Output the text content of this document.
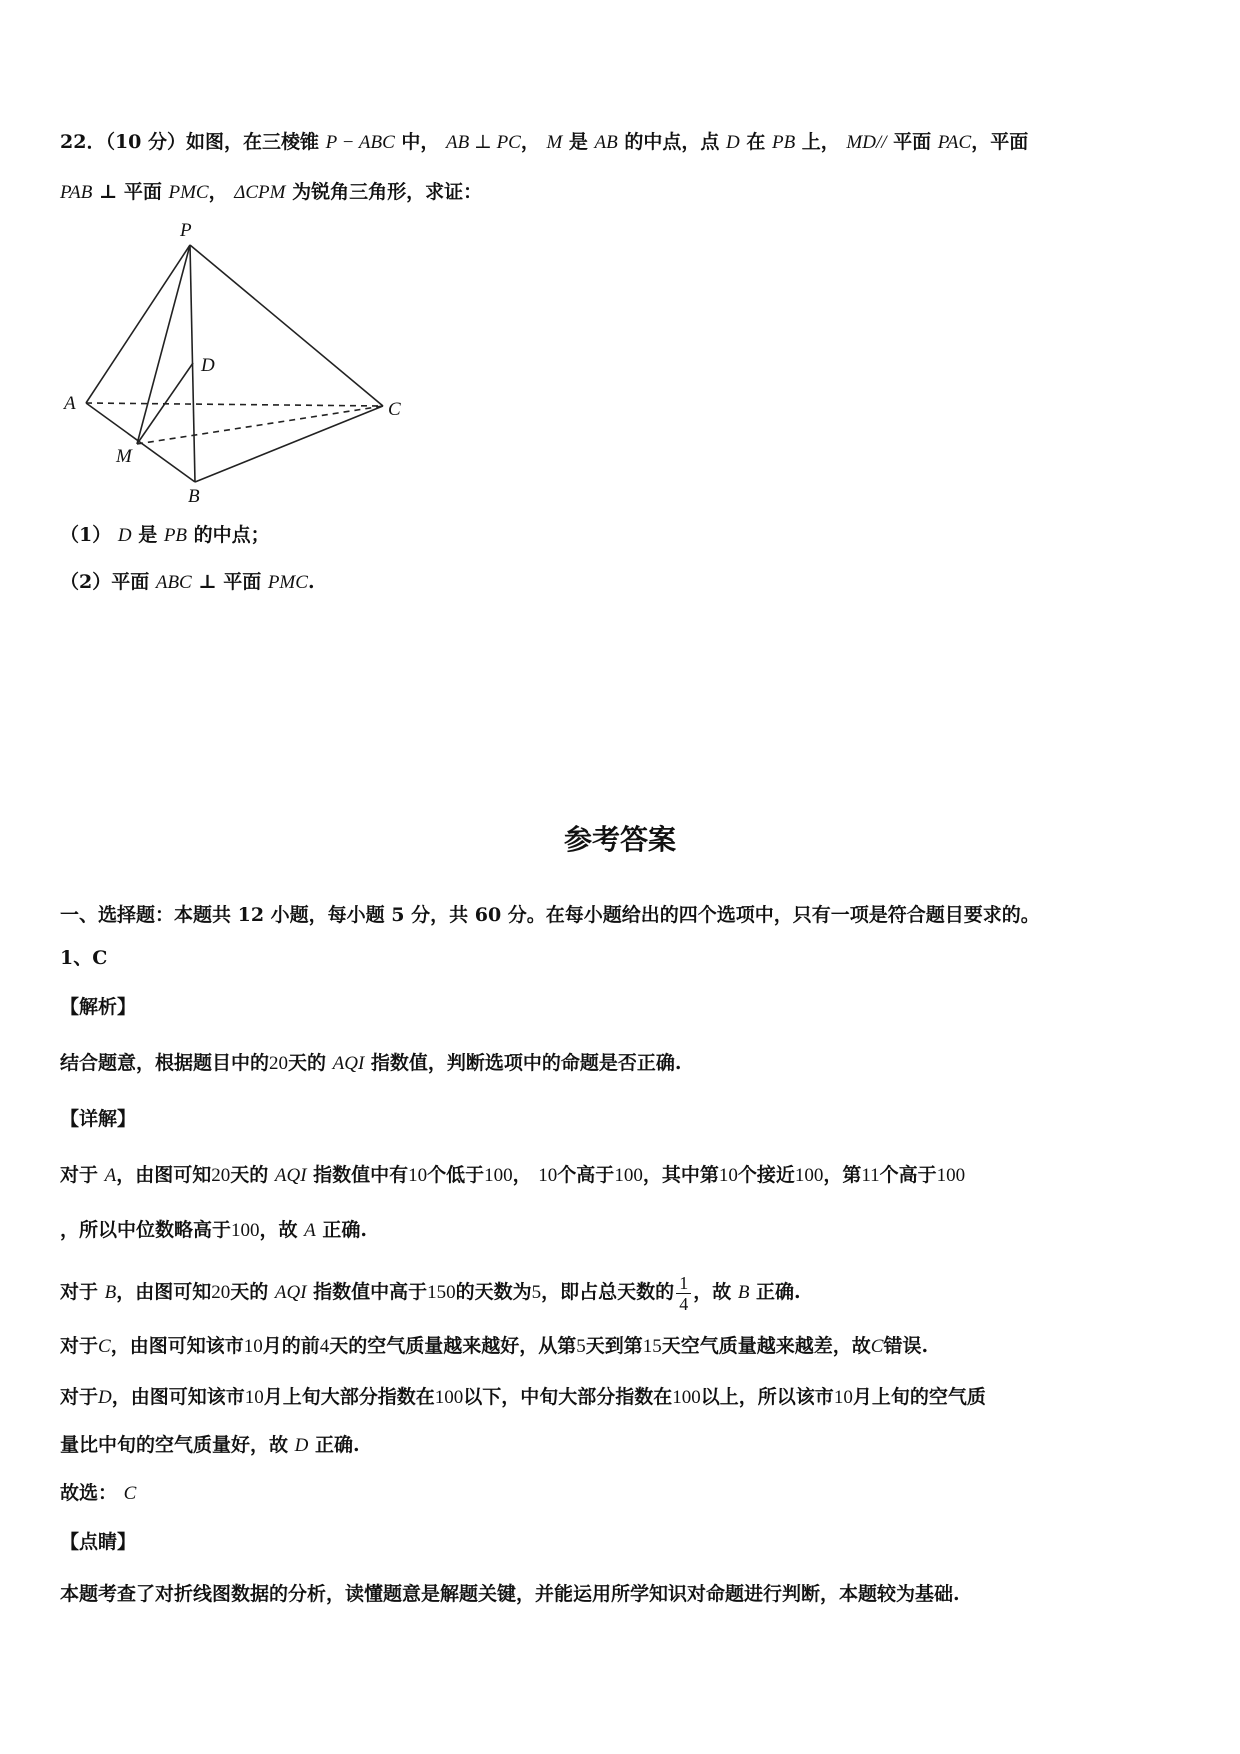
22．（10 分）如图，在三棱锥 P − ABC 中， AB ⊥ PC， M 是 AB 的中点，点 D 在 PB 上， MD// 平面 PAC，平面
PAB ⊥ 平面 PMC， ΔCPM 为锐角三角形，求证：
P
A
B
C
D
M
（1） D 是 PB 的中点；
（2）平面 ABC ⊥ 平面 PMC.
参考答案
一、选择题：本题共 12 小题，每小题 5 分，共 60 分。在每小题给出的四个选项中，只有一项是符合题目要求的。
1、C
【解析】
结合题意，根据题目中的20天的 AQI 指数值，判断选项中的命题是否正确.
【详解】
对于 A，由图可知20天的 AQI 指数值中有10个低于100， 10个高于100，其中第10个接近100，第11个高于100
，所以中位数略高于100，故 A 正确.
对于 B，由图可知20天的 AQI 指数值中高于150的天数为5，即占总天数的 $\frac{1}{4}$ ，故 B 正确.
对于C，由图可知该市10月的前4天的空气质量越来越好，从第5天到第15天空气质量越来越差，故C错误.
对于D，由图可知该市10月上旬大部分指数在100以下，中旬大部分指数在100以上，所以该市10月上旬的空气质
量比中旬的空气质量好，故 D 正确.
故选： C
【点睛】
本题考查了对折线图数据的分析，读懂题意是解题关键，并能运用所学知识对命题进行判断，本题较为基础.
